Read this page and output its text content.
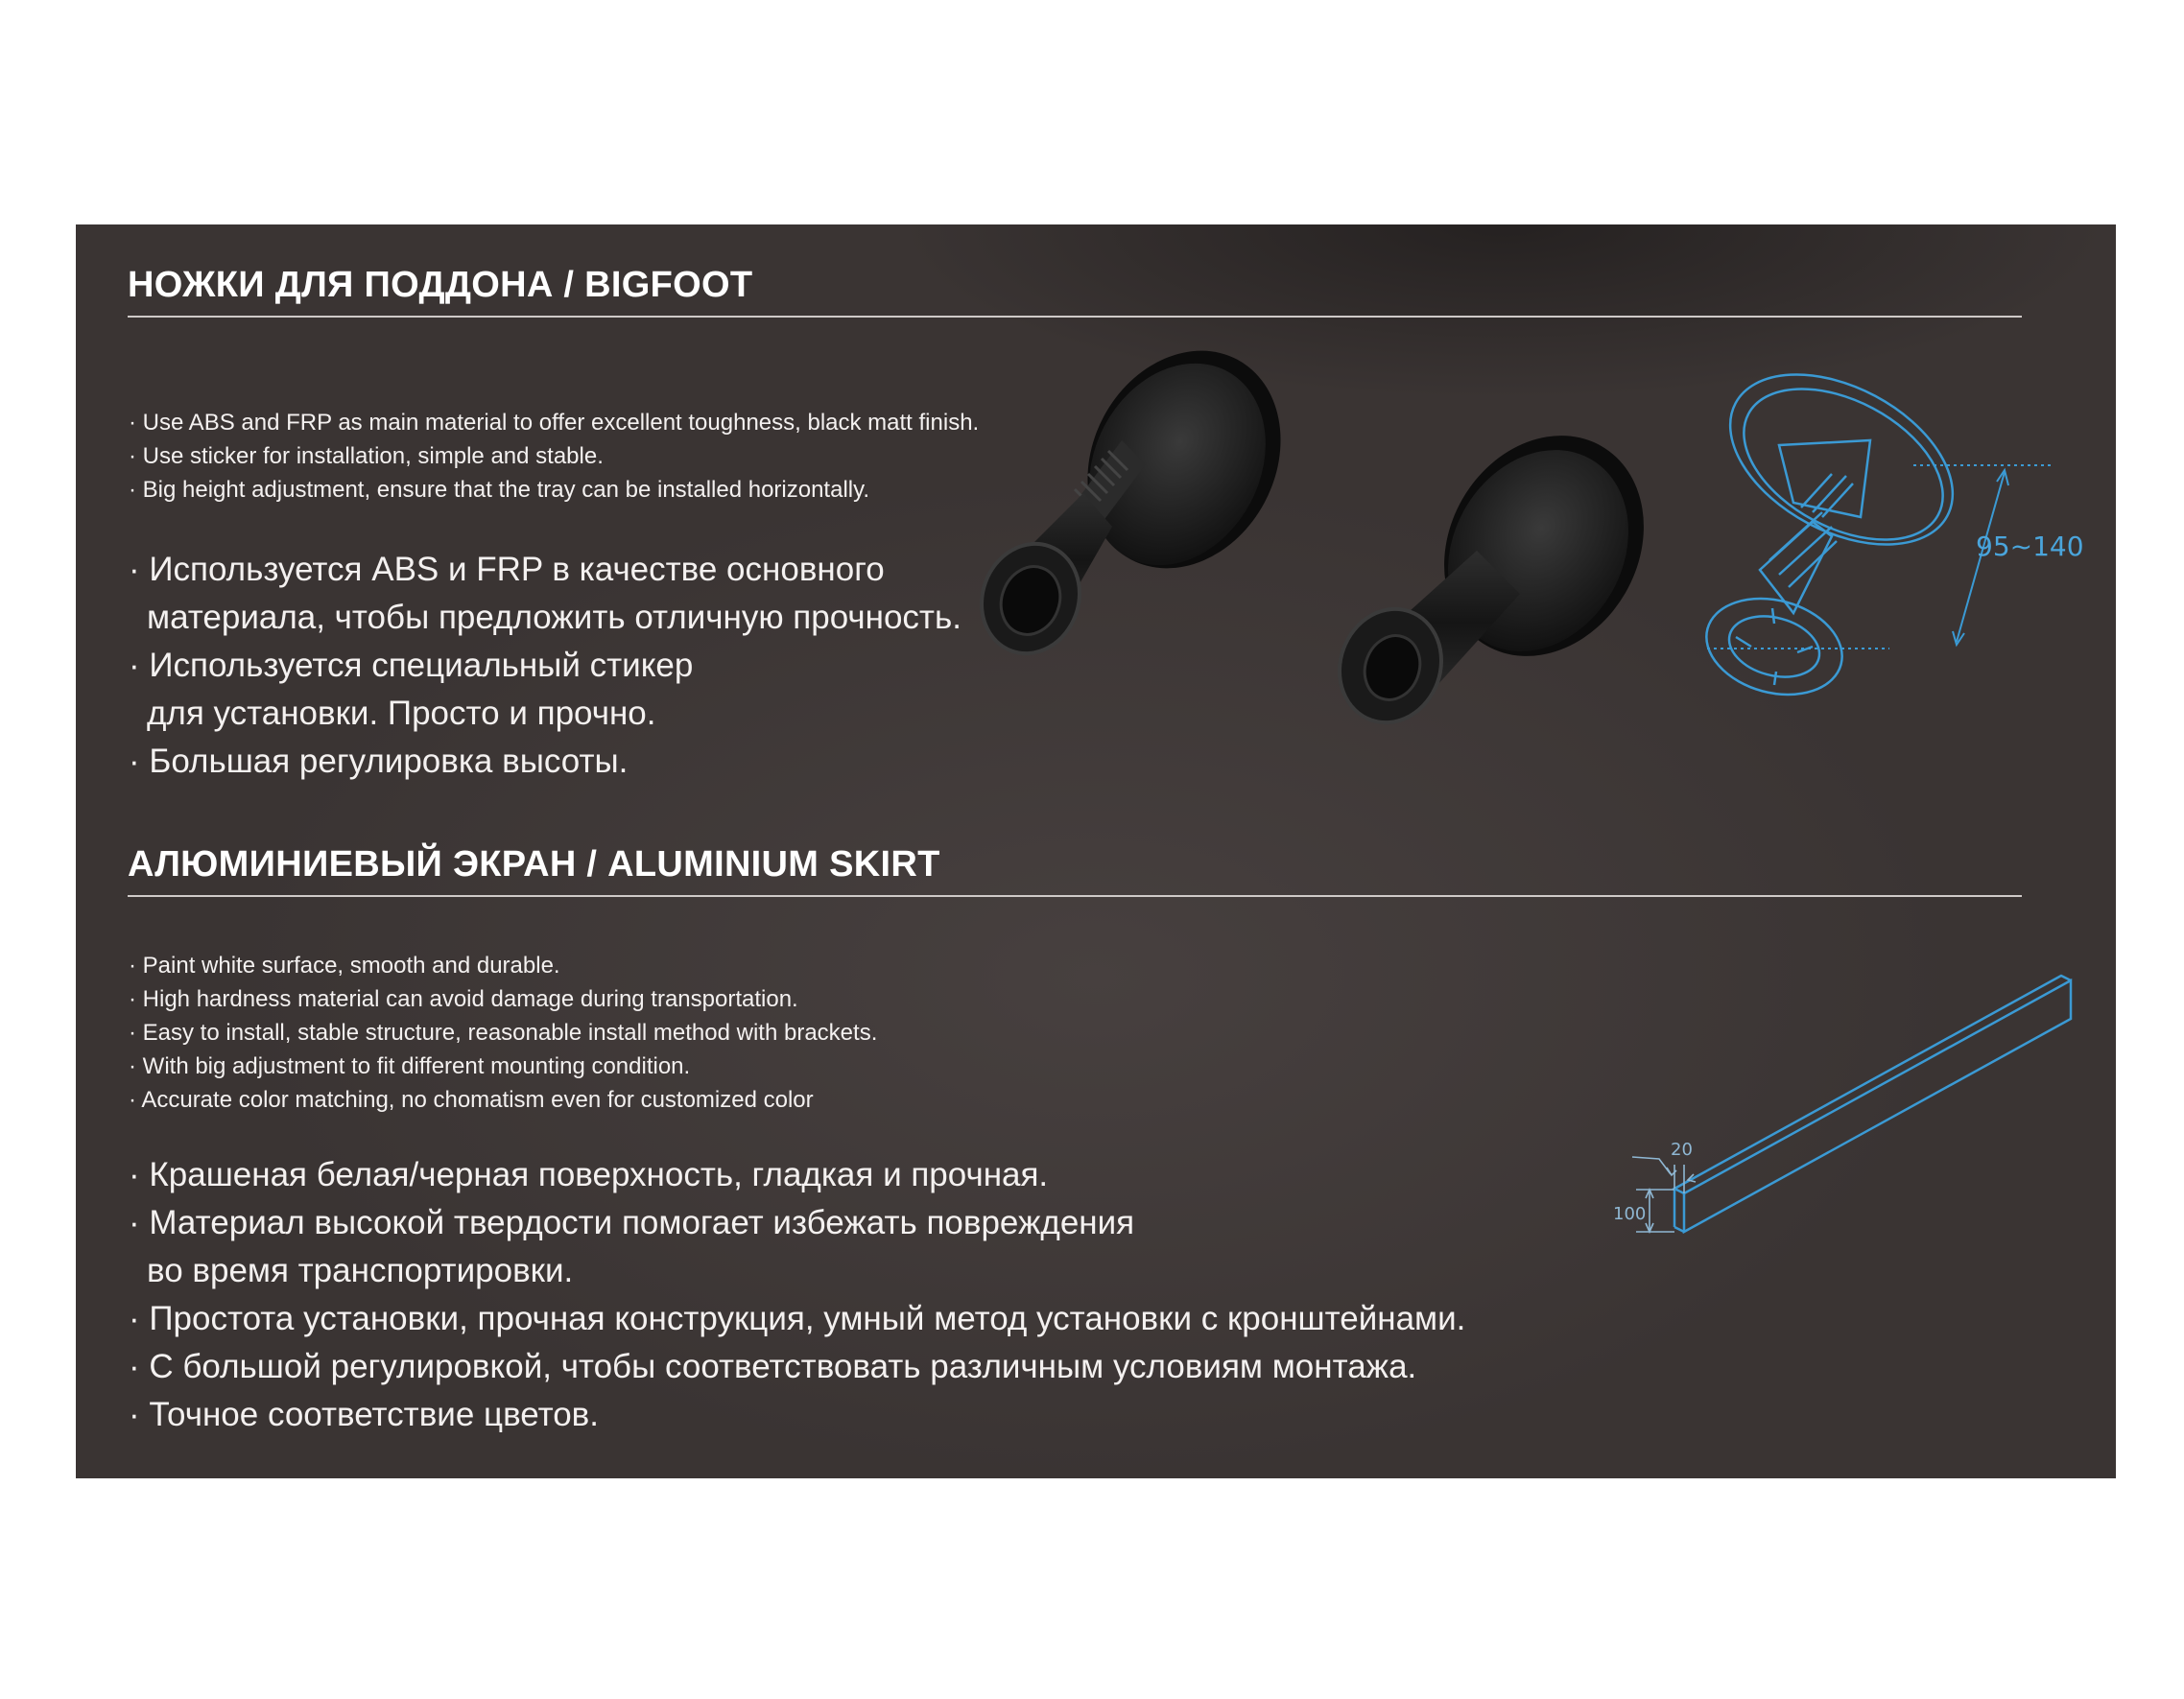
НОЖКИ ДЛЯ ПОДДОНА / BIGFOOT
· Use ABS and FRP as main material to offer excellent toughness, black matt finish.
· Use sticker for installation, simple and stable.
· Big height adjustment, ensure that the tray can be installed horizontally.
· Используется ABS и FRP в качестве основного
материала, чтобы предложить отличную прочность.
· Используется специальный стикер
для установки. Просто и прочно.
· Большая регулировка высоты.
95~140
АЛЮМИНИЕВЫЙ ЭКРАН / ALUMINIUM SKIRT
· Paint white surface, smooth and durable.
· High hardness material can avoid damage during transportation.
· Easy to install, stable structure, reasonable install method with brackets.
· With big adjustment to fit different mounting condition.
· Accurate color matching, no chomatism even for customized color
· Крашеная белая/черная поверхность, гладкая и прочная.
· Материал высокой твердости помогает избежать повреждения
во время транспортировки.
· Простота установки, прочная конструкция, умный метод установки с кронштейнами.
· С большой регулировкой, чтобы соответствовать различным условиям монтажа.
· Точное соответствие цветов.
20
100
